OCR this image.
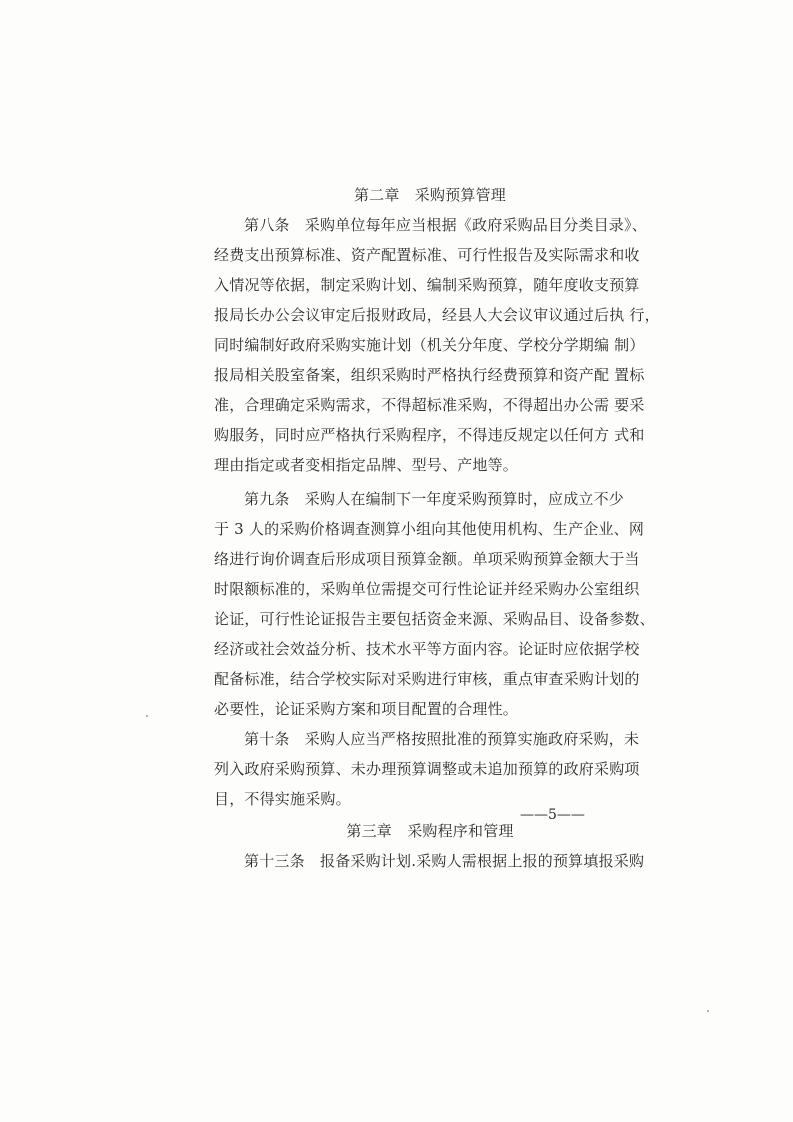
第二章　采购预算管理
第八条　采购单位每年应当根据《政府采购品目分类目录》、
经费支出预算标准、资产配置标准、可行性报告及实际需求和收
入情况等依据，制定采购计划、编制采购预算，随年度收支预算
报局长办公会议审定后报财政局，经县人大会议审议通过后执 行，
同时编制好政府采购实施计划（机关分年度、学校分学期编 制）
报局相关股室备案，组织采购时严格执行经费预算和资产配 置标
准，合理确定采购需求，不得超标准采购，不得超出办公需 要采
购服务，同时应严格执行采购程序，不得违反规定以任何方 式和
理由指定或者变相指定品牌、型号、产地等。
第九条　采购人在编制下一年度采购预算时，应成立不少
于 3 人的采购价格调查测算小组向其他使用机构、生产企业、网
络进行询价调查后形成项目预算金额。单项采购预算金额大于当
时限额标准的，采购单位需提交可行性论证并经采购办公室组织
论证，可行性论证报告主要包括资金来源、采购品目、设备参数、
经济或社会效益分析、技术水平等方面内容。论证时应依据学校
配备标准，结合学校实际对采购进行审核，重点审查采购计划的
必要性，论证采购方案和项目配置的合理性。
第十条　采购人应当严格按照批准的预算实施政府采购，未
列入政府采购预算、未办理预算调整或未追加预算的政府采购项
目，不得实施采购。
第三章　采购程序和管理
第十三条　报备采购计划.采购人需根据上报的预算填报采购
——5——
